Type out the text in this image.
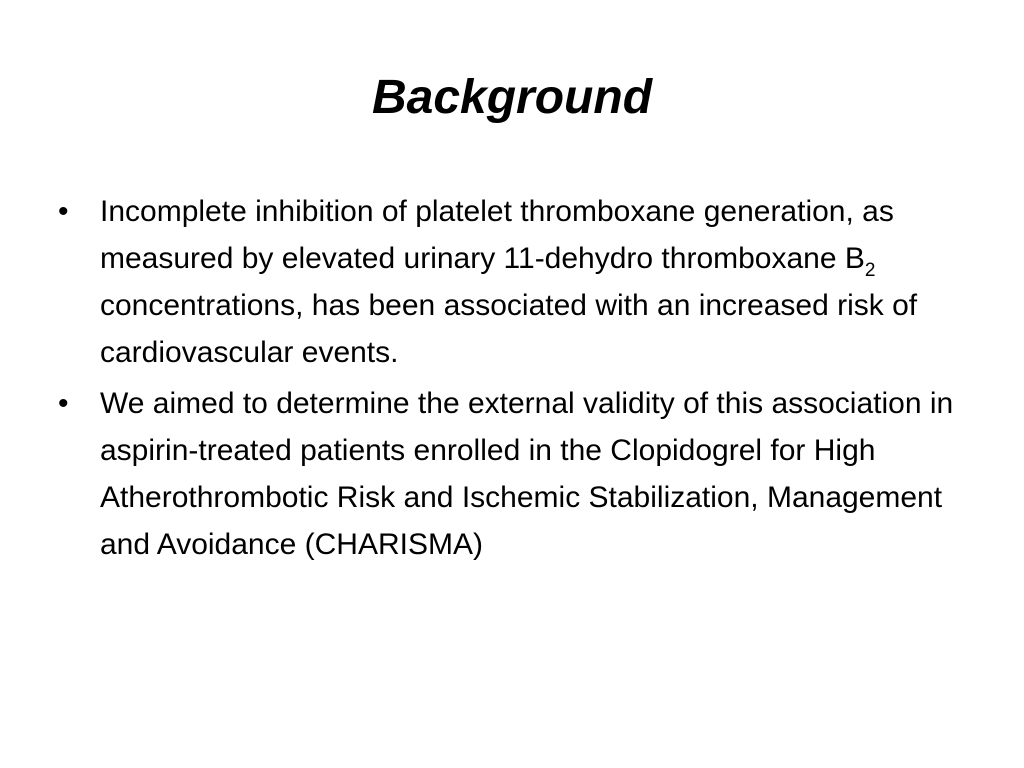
Background
• Incomplete inhibition of platelet thromboxane generation, as measured by elevated urinary 11-dehydro thromboxane $B_2$ concentrations, has been associated with an increased risk of cardiovascular events.
• We aimed to determine the external validity of this association in aspirin-treated patients enrolled in the Clopidogrel for High Atherothrombotic Risk and Ischemic Stabilization, Management and Avoidance (CHARISMA)
